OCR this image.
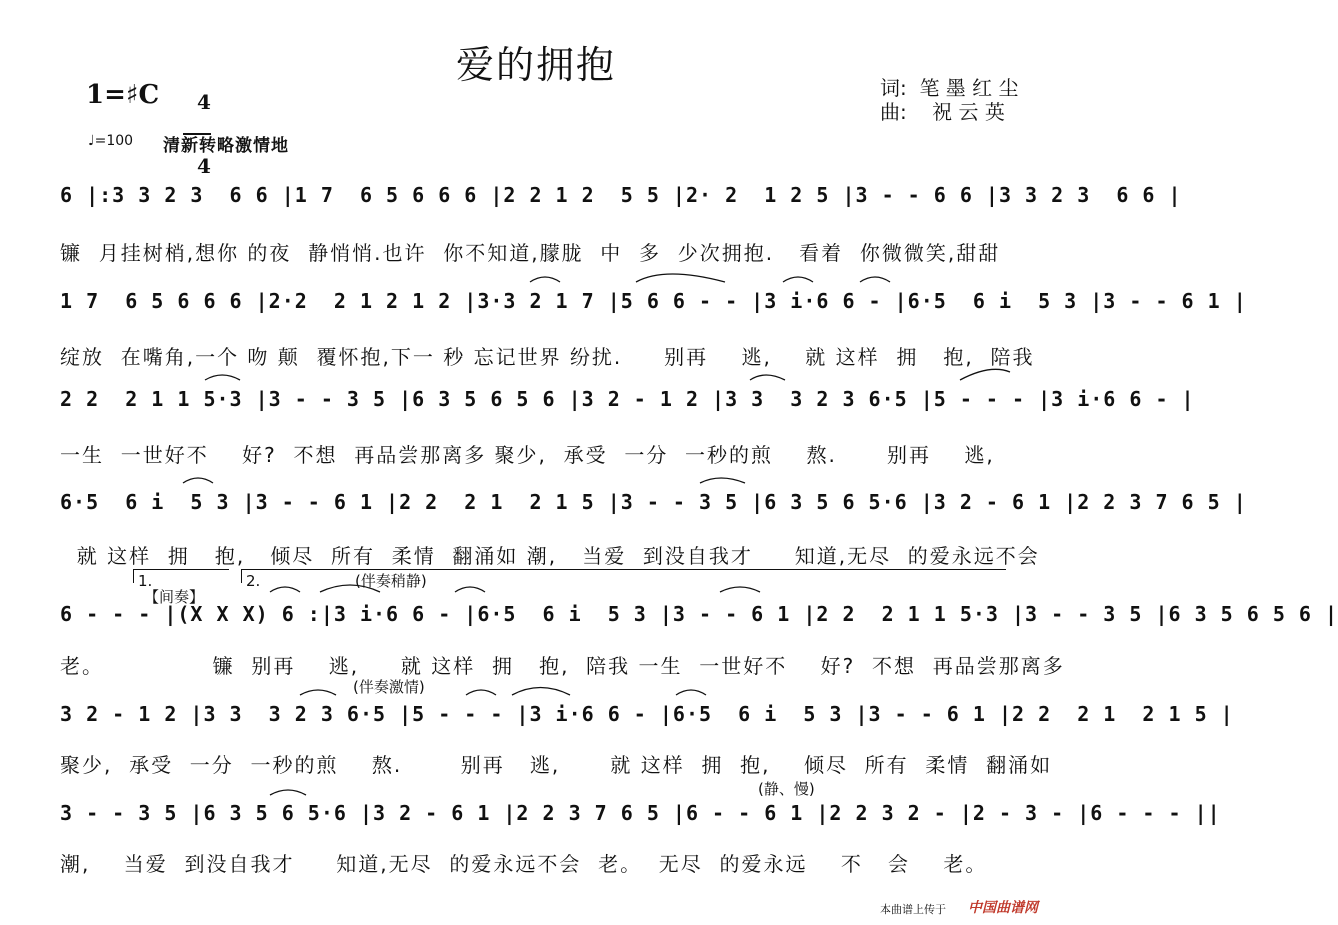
爱的拥抱
1=♯C	4

4

词:  笔 墨 红 尘
曲:    祝 云 英
♩=100 清新转略激情地
6 |:3 3 2 3  6 6 |1 7  6 5 6 6 6 |2 2 1 2  5 5 |2· 2  1 2 5 |3 - - 6 6 |3 3 2 3  6 6 |
镰  月挂树梢,想你 的夜  静悄悄.也许  你不知道,朦胧  中  多  少次拥抱.   看着  你微微笑,甜甜
1 7  6 5 6 6 6 |2·2  2 1 2 1 2 |3·3 2 1 7 |5 6 6 - - |3 i·6 6 - |6·5  6 i  5 3 |3 - - 6 1 |
绽放  在嘴角,一个 吻 颠  覆怀抱,下一 秒 忘记世界 纷扰.     别再    逃,    就 这样  拥   抱,  陪我
2 2  2 1 1 5·3 |3 - - 3 5 |6 3 5 6 5 6 |3 2 - 1 2 |3 3  3 2 3 6·5 |5 - - - |3 i·6 6 - |
一生  一世好不    好?  不想  再品尝那离多 聚少,  承受  一分  一秒的煎    熬.      别再    逃,
6·5  6 i  5 3 |3 - - 6 1 |2 2  2 1  2 1 5 |3 - - 3 5 |6 3 5 6 5·6 |3 2 - 6 1 |2 2 3 7 6 5 |
就 这样  拥   抱,   倾尽  所有  柔情  翻涌如 潮,   当爱  到没自我才     知道,无尽  的爱永远不会
1.
【间奏】
2.	(伴奏稍静)
6 - - - |(X X X) 6 :|3 i·6 6 - |6·5  6 i  5 3 |3 - - 6 1 |2 2  2 1 1 5·3 |3 - - 3 5 |6 3 5 6 5 6 |
老。             镰  别再    逃,     就 这样  拥   抱,  陪我 一生  一世好不    好?  不想  再品尝那离多
(伴奏激情)
3 2 - 1 2 |3 3  3 2 3 6·5 |5 - - - |3 i·6 6 - |6·5  6 i  5 3 |3 - - 6 1 |2 2  2 1  2 1 5 |
聚少,  承受  一分  一秒的煎    熬.       别再   逃,      就 这样  拥  抱,    倾尽  所有  柔情  翻涌如
(静、慢)
3 - - 3 5 |6 3 5 6 5·6 |3 2 - 6 1 |2 2 3 7 6 5 |6 - - 6 1 |2 2 3 2 - |2 - 3 - |6 - - - ||
潮,    当爱  到没自我才     知道,无尽  的爱永远不会  老。  无尽  的爱永远    不   会    老。
本曲谱上传于 中国曲谱网
